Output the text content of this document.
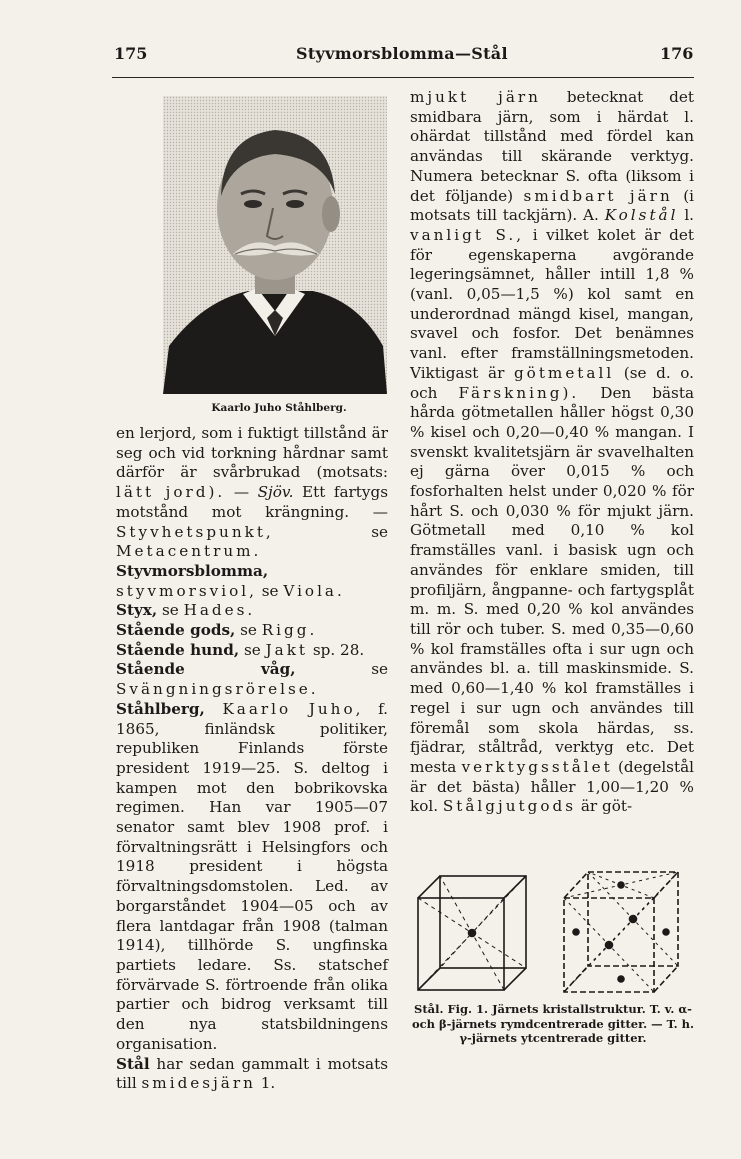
175	Styvmorsblomma—Stål	176
Kaarlo Juho Ståhlberg.

en lerjord, som i fuktigt tillstånd är seg och vid torkning hårdnar samt därför är svårbrukad (motsats: lätt jord). — Sjöv. Ett fartygs motstånd mot krängning. — Styvhetspunkt, se Metacentrum.

Styvmorsblomma, styvmorsviol, se Viola.

Styx, se Hades.

Stående gods, se Rigg.

Stående hund, se Jakt sp. 28.

Stående våg, se Svängningsrörelse.

Ståhlberg, Kaarlo Juho, f. 1865, finländsk politiker, republiken Finlands förste president 1919—25. S. deltog i kampen mot den bobrikovska regimen. Han var 1905—07 senator samt blev 1908 prof. i förvaltningsrätt i Helsingfors och 1918 president i högsta förvaltningsdomstolen. Led. av borgarståndet 1904—05 och av flera lantdagar från 1908 (talman 1914), tillhörde S. ungfinska partiets ledare. Ss. statschef förvärvade S. förtroende från olika partier och bidrog verksamt till den nya statsbildningens organisation.

Stål har sedan gammalt i motsats till smidesjärn 1.

mjukt järn betecknat det smidbara järn, som i härdat l. ohärdat tillstånd med fördel kan användas till skärande verktyg. Numera betecknar S. ofta (liksom i det följande) smidbart järn (i motsats till tackjärn). A. Kolstål l. vanligt S., i vilket kolet är det för egenskaperna avgörande legeringsämnet, håller intill 1,8 % (vanl. 0,05—1,5 %) kol samt en underordnad mängd kisel, mangan, svavel och fosfor. Det benämnes vanl. efter framställningsmetoden. Viktigast är götmetall (se d. o. och Färskning). Den bästa hårda götmetallen håller högst 0,30 % kisel och 0,20—0,40 % mangan. I svenskt kvalitetsjärn är svavelhalten ej gärna över 0,015 % och fosforhalten helst under 0,020 % för hårt S. och 0,030 % för mjukt järn. Götmetall med 0,10 % kol framställes vanl. i basisk ugn och användes för enklare smiden, till profiljärn, ångpanne- och fartygsplåt m. m. S. med 0,20 % kol användes till rör och tuber. S. med 0,35—0,60 % kol framställes ofta i sur ugn och användes bl. a. till maskinsmide. S. med 0,60—1,40 % kol framställes i regel i sur ugn och användes till föremål som skola härdas, ss. fjädrar, ståltråd, verktyg etc. Det mesta verktygsstålet (degelstål är det bästa) håller 1,00—1,20 % kol. Stålgjutgods är göt-

Stål. Fig. 1. Järnets kristallstruktur. T. v. α- och β-järnets rymdcentrerade gitter. — T. h. γ-järnets ytcentrerade gitter.
